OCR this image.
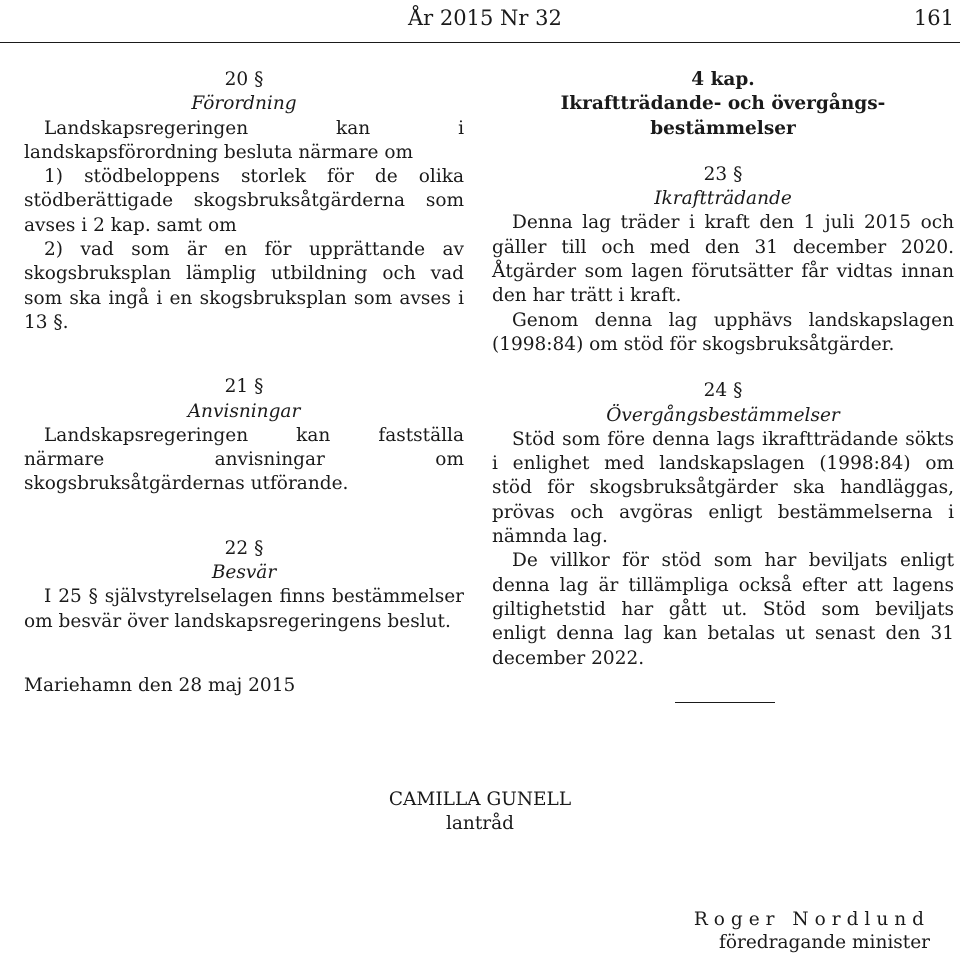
År 2015 Nr 32	161
20 §
Förordning
Landskapsregeringen kan i landskapsförordning besluta närmare om
1) stödbeloppens storlek för de olika stödberättigade skogsbruksåtgärderna som avses i 2 kap. samt om
2) vad som är en för upprättande av skogsbruksplan lämplig utbildning och vad som ska ingå i en skogsbruksplan som avses i 13 §.
21 §
Anvisningar
Landskapsregeringen kan fastställa närmare anvisningar om skogsbruksåtgärdernas utförande.
22 §
Besvär
I 25 § självstyrelselagen finns bestämmelser om besvär över landskapsregeringens beslut.
Mariehamn den 28 maj 2015
4 kap.
Ikraftträdande- och övergångs-
bestämmelser
23 §
Ikraftträdande
Denna lag träder i kraft den 1 juli 2015 och gäller till och med den 31 december 2020. Åtgärder som lagen förutsätter får vidtas innan den har trätt i kraft.
Genom denna lag upphävs landskapslagen (1998:84) om stöd för skogsbruksåtgärder.
24 §
Övergångsbestämmelser
Stöd som före denna lags ikraftträdande sökts i enlighet med landskapslagen (1998:84) om stöd för skogsbruksåtgärder ska handläggas, prövas och avgöras enligt bestämmelserna i nämnda lag.
De villkor för stöd som har beviljats enligt denna lag är tillämpliga också efter att lagens giltighetstid har gått ut. Stöd som beviljats enligt denna lag kan betalas ut senast den 31 december 2022.
CAMILLA GUNELL
lantråd
Roger Nordlund
föredragande minister
